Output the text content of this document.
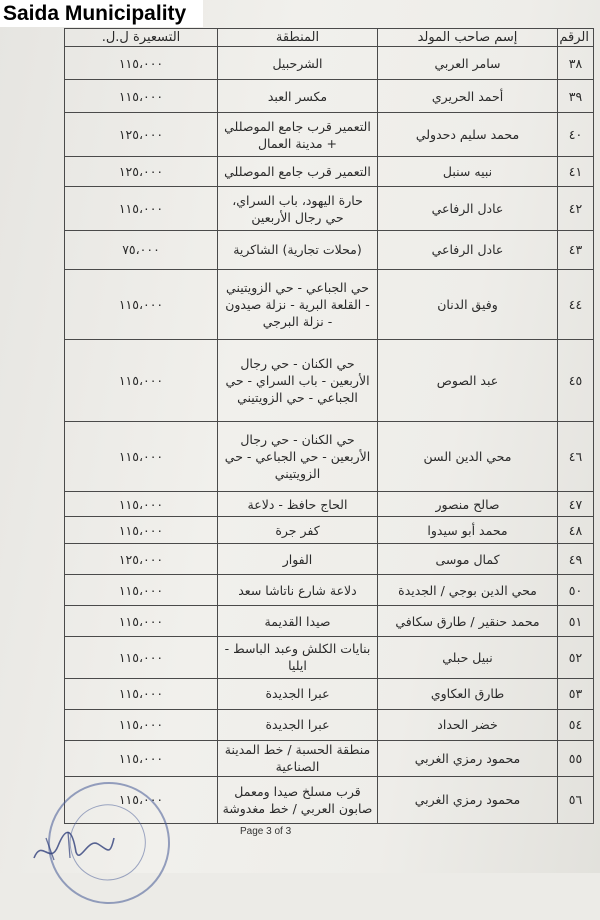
Saida Municipality
الرقم	إسم صاحب المولد	المنطقة	التسعيرة ل.ل.
٣٨	سامر العربي	الشرحبيل	١١٥،٠٠٠
٣٩	أحمد الحريري	مكسر العبد	١١٥،٠٠٠
٤٠	محمد سليم دحدولي	التعمير قرب جامع الموصللي + مدينة العمال	١٢٥،٠٠٠
٤١	نبيه سنبل	التعمير قرب جامع الموصللي	١٢٥،٠٠٠
٤٢	عادل الرفاعي	حارة اليهود، باب السراي، حي رجال الأربعين	١١٥،٠٠٠
٤٣	عادل الرفاعي	(محلات تجارية) الشاكرية	٧٥،٠٠٠
٤٤	وفيق الدنان	حي الجباعي - حي الزويتيني - القلعة البرية - نزلة صيدون - نزلة البرجي	١١٥،٠٠٠
٤٥	عبد الصوص	حي الكنان - حي رجال الأربعين - باب السراي - حي الجباعي - حي الزويتيني	١١٥،٠٠٠
٤٦	محي الدين السن	حي الكنان - حي رجال الأربعين - حي الجباعي - حي الزويتيني	١١٥،٠٠٠
٤٧	صالح منصور	الحاج حافظ - دلاعة	١١٥،٠٠٠
٤٨	محمد أبو سيدوا	كفر جرة	١١٥،٠٠٠
٤٩	كمال موسى	الفوار	١٢٥،٠٠٠
٥٠	محي الدين بوجي / الجديدة	دلاعة شارع ناتاشا سعد	١١٥،٠٠٠
٥١	محمد حنقير / طارق سكافي	صيدا القديمة	١١٥،٠٠٠
٥٢	نبيل حبلي	بنايات الكلش وعبد الباسط - ايليا	١١٥،٠٠٠
٥٣	طارق العكاوي	عبرا الجديدة	١١٥،٠٠٠
٥٤	خضر الحداد	عبرا الجديدة	١١٥،٠٠٠
٥٥	محمود رمزي الغربي	منطقة الحسبة / خط المدينة الصناعية	١١٥،٠٠٠
٥٦	محمود رمزي الغربي	قرب مسلخ صيدا ومعمل صابون العربي / خط مغدوشة	١١٥،٠٠٠
Page 3 of 3
